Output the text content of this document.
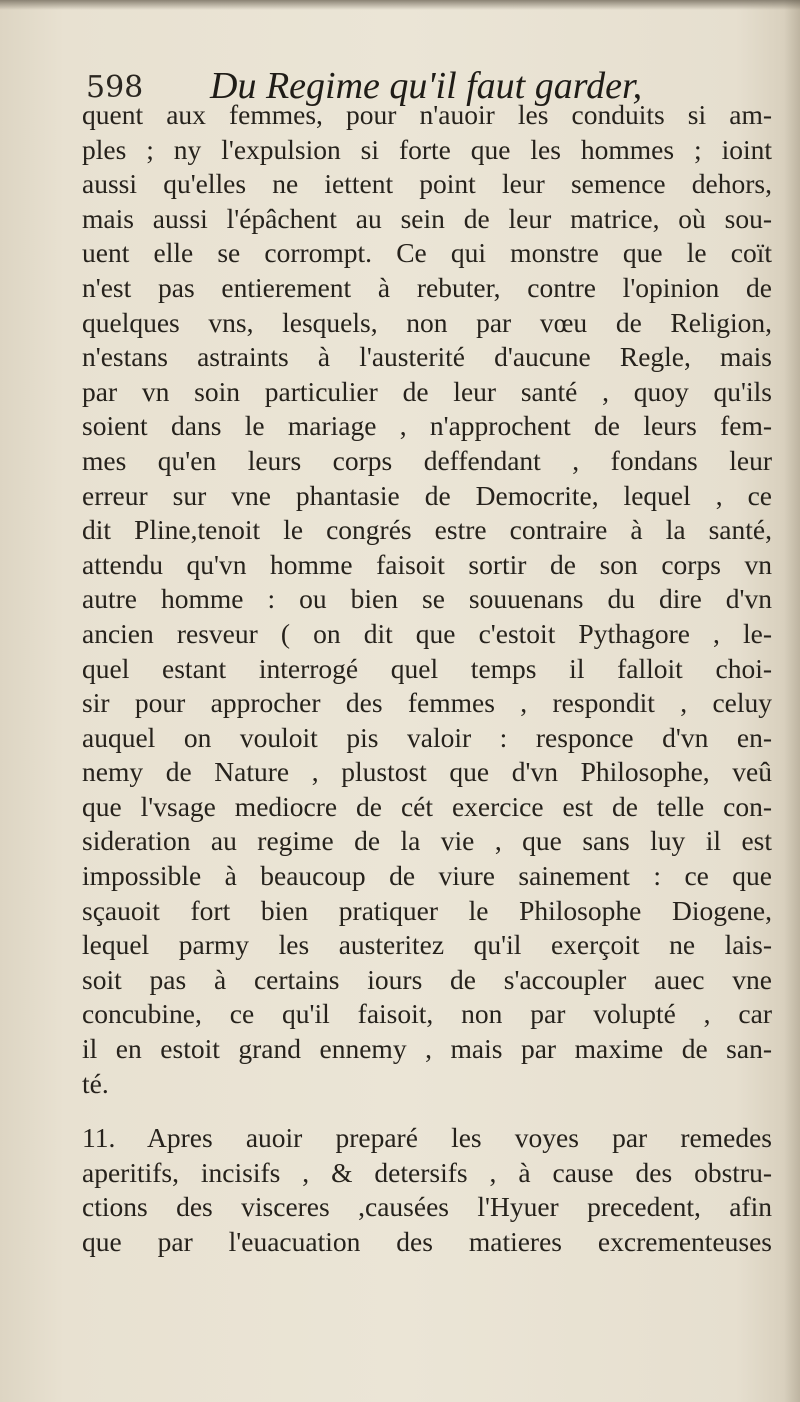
598 Du Regime qu'il faut garder,
quent aux femmes, pour n'auoir les conduits si am-
ples ; ny l'expulsion si forte que les hommes ; ioint
aussi qu'elles ne iettent point leur semence dehors,
mais aussi l'épâchent au sein de leur matrice, où sou-
uent elle se corrompt. Ce qui monstre que le coït
n'est pas entierement à rebuter, contre l'opinion de
quelques vns, lesquels, non par vœu de Religion,
n'estans astraints à l'austerité d'aucune Regle, mais
par vn soin particulier de leur santé , quoy qu'ils
soient dans le mariage , n'approchent de leurs fem-
mes qu'en leurs corps deffendant , fondans leur
erreur sur vne phantasie de Democrite, lequel , ce
dit Pline,tenoit le congrés estre contraire à la santé,
attendu qu'vn homme faisoit sortir de son corps vn
autre homme : ou bien se souuenans du dire d'vn
ancien resveur ( on dit que c'estoit Pythagore , le-
quel estant interrogé quel temps il falloit choi-
sir pour approcher des femmes , respondit , celuy
auquel on vouloit pis valoir : responce d'vn en-
nemy de Nature , plustost que d'vn Philosophe, veû
que l'vsage mediocre de cét exercice est de telle con-
sideration au regime de la vie , que sans luy il est
impossible à beaucoup de viure sainement : ce que
sçauoit fort bien pratiquer le Philosophe Diogene,
lequel parmy les austeritez qu'il exerçoit ne lais-
soit pas à certains iours de s'accoupler auec vne
concubine, ce qu'il faisoit, non par volupté , car
il en estoit grand ennemy , mais par maxime de san-
té.
11. Apres auoir preparé les voyes par remedes
aperitifs, incisifs , & detersifs , à cause des obstru-
ctions des visceres ,causées l'Hyuer precedent, afin
que par l'euacuation des matieres excrementeuses
